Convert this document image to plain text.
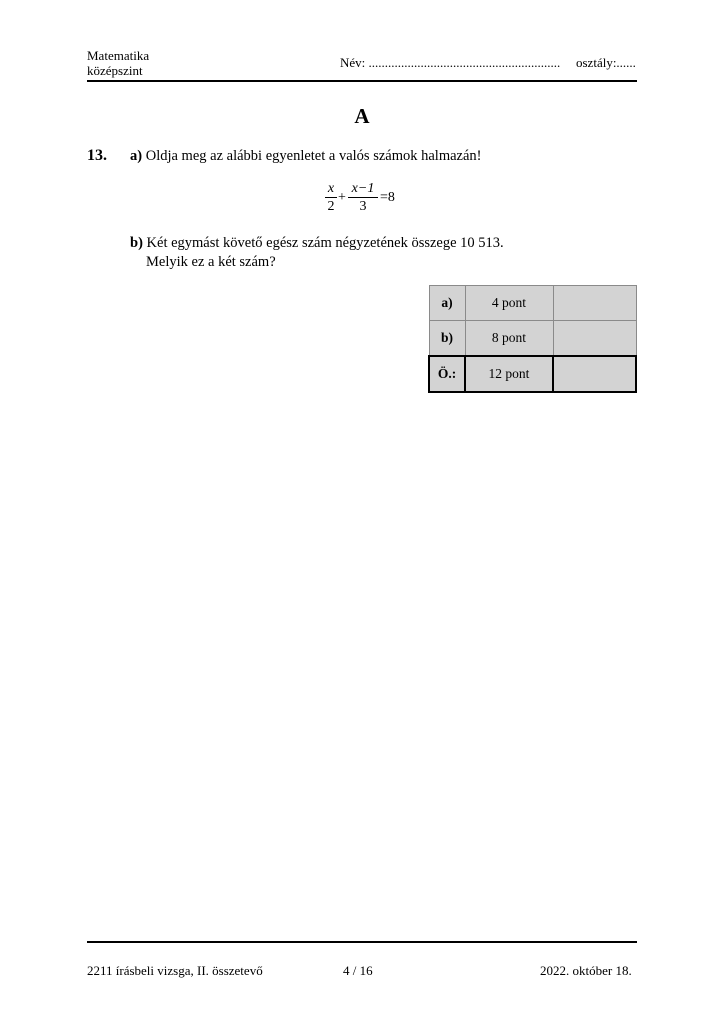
Matematika
középszint
Név: ........................................................... osztály:......
A
13. a) Oldja meg az alábbi egyenletet a valós számok halmazán!
x
2
+
x−1
3
=8
b) Két egymást követő egész szám négyzetének összege 10 513.
Melyik ez a két szám?
a)	4 pont	
b)	8 pont	
Ö.:	12 pont	
2211 írásbeli vizsga, II. összetevő	4 / 16	2022. október 18.
